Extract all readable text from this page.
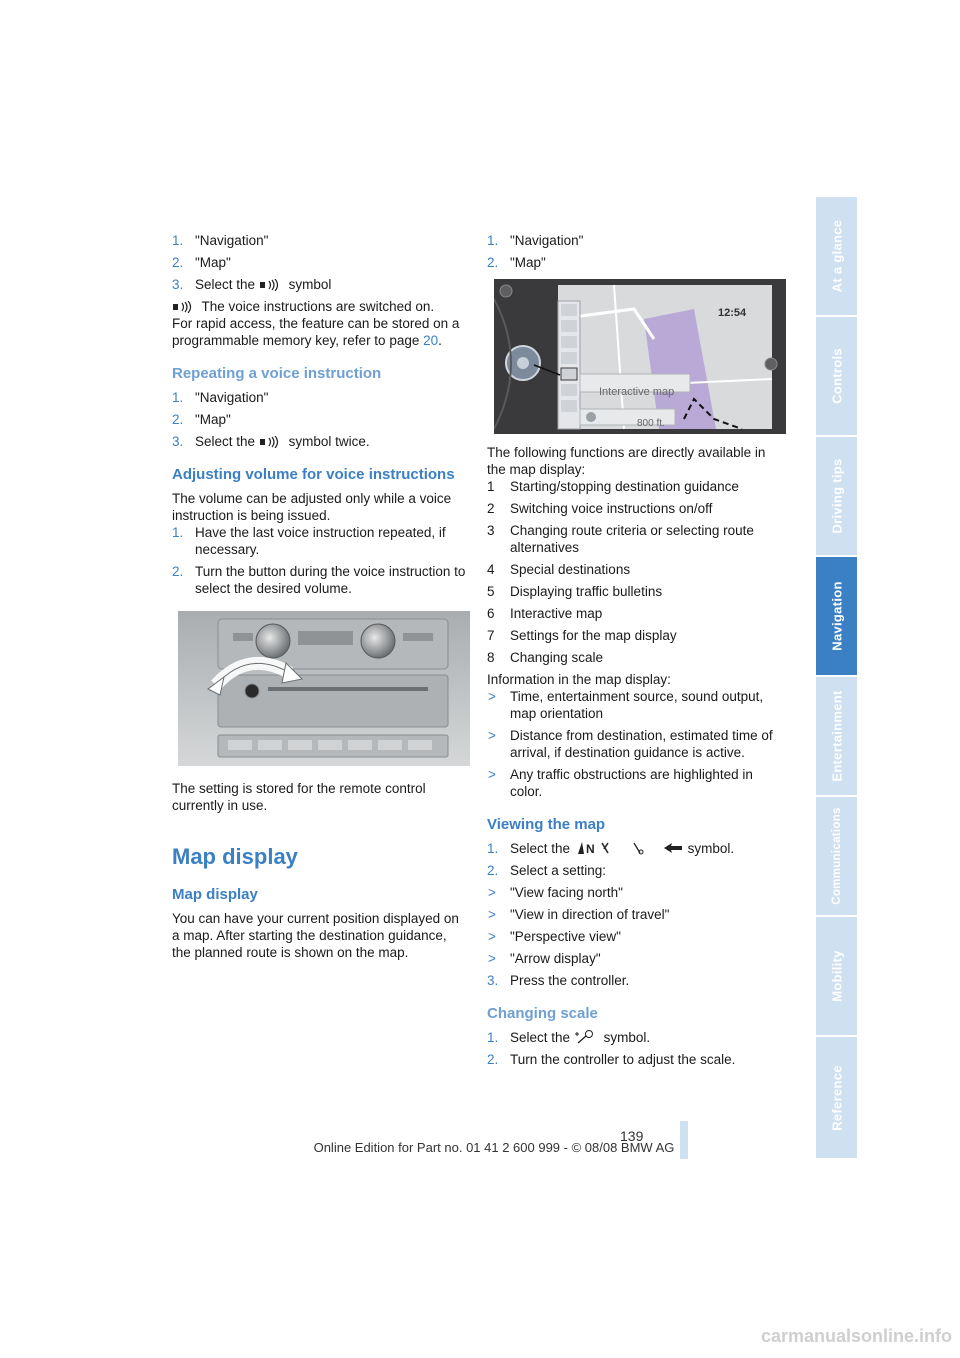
1. "Navigation"
2. "Map"
3. Select the symbol

The voice instructions are switched on.

For rapid access, the feature can be stored on a programmable memory key, refer to page 20.

Repeating a voice instruction
1. "Navigation"
2. "Map"
3. Select the symbol twice.
Adjusting volume for voice instructions

The volume can be adjusted only while a voice instruction is being issued.

1. Have the last voice instruction repeated, if necessary.
2. Turn the button during the voice instruction to select the desired volume.

The setting is stored for the remote control currently in use.

Map display
Map display

You can have your current position displayed on a map. After starting the destination guidance, the planned route is shown on the map.

1. "Navigation"
2. "Map"
12:54
Interactive map
800 ft.

The following functions are directly available in the map display:

1 Starting/stopping destination guidance
2 Switching voice instructions on/off
3 Changing route criteria or selecting route alternatives
4 Special destinations
5 Displaying traffic bulletins
6 Interactive map
7 Settings for the map display
8 Changing scale

Information in the map display:

> Time, entertainment source, sound output, map orientation
> Distance from destination, estimated time of arrival, if destination guidance is active.
> Any traffic obstructions are highlighted in color.
Viewing the map
1. Select the N	symbol.
2. Select a setting:
> "View facing north"
> "View in direction of travel"
> "Perspective view"
> "Arrow display"
3. Press the controller.
Changing scale
1. Select the symbol.
2. Turn the controller to adjust the scale.
At a glance
Controls
Driving tips
Navigation
Entertainment
Communications
Mobility
Reference
139
Online Edition for Part no. 01 41 2 600 999 - © 08/08 BMW AG
carmanualsonline.info
